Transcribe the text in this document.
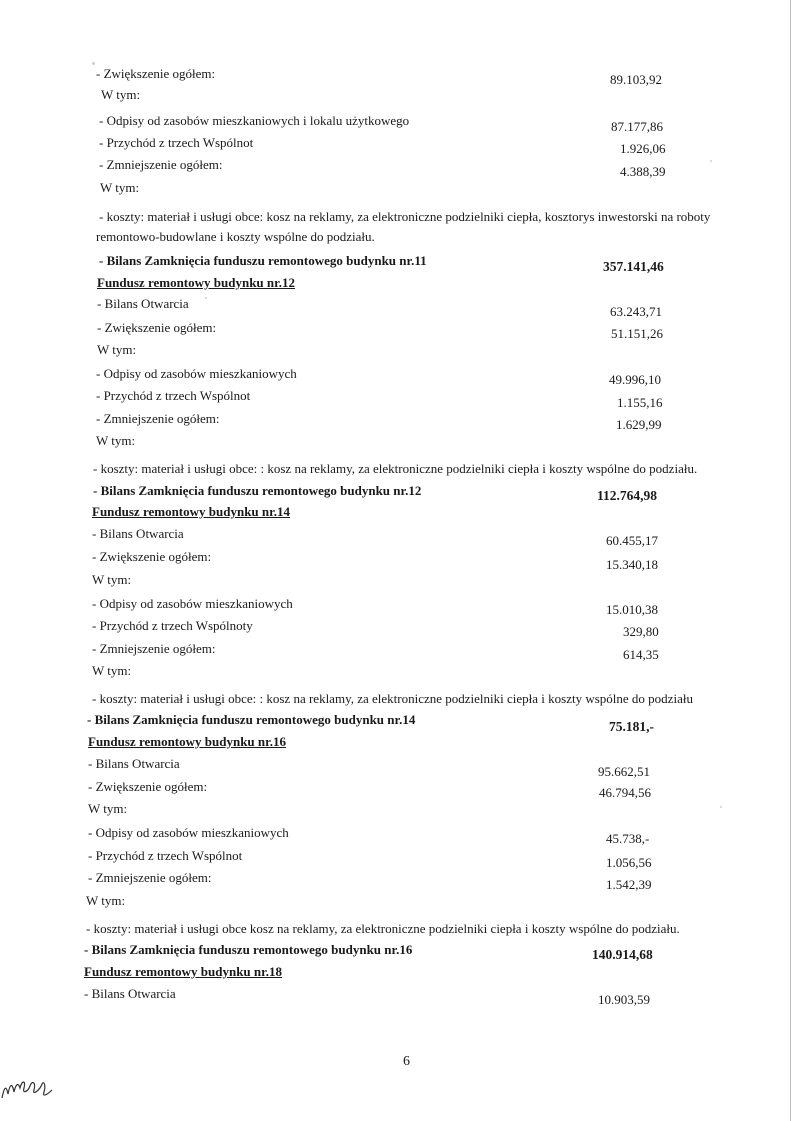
- Zwiększenie ogółem:
W tym:
- Odpisy od zasobów mieszkaniowych i lokalu użytkowego
- Przychód z trzech Wspólnot
- Zmniejszenie ogółem:
W tym:
- koszty: materiał i usługi obce: kosz na reklamy, za elektroniczne podzielniki ciepła, kosztorys inwestorski na roboty
remontowo-budowlane i koszty wspólne do podziału.
- Bilans Zamknięcia funduszu remontowego budynku nr.11
Fundusz remontowy budynku nr.12
- Bilans Otwarcia
- Zwiększenie ogółem:
W tym:
- Odpisy od zasobów mieszkaniowych
- Przychód z trzech Wspólnot
- Zmniejszenie ogółem:
W tym:
- koszty: materiał i usługi obce: : kosz na reklamy, za elektroniczne podzielniki ciepła i koszty wspólne do podziału.
- Bilans Zamknięcia funduszu remontowego budynku nr.12
Fundusz remontowy budynku nr.14
- Bilans Otwarcia
- Zwiększenie ogółem:
W tym:
- Odpisy od zasobów mieszkaniowych
- Przychód z trzech Wspólnoty
- Zmniejszenie ogółem:
W tym:
- koszty: materiał i usługi obce: : kosz na reklamy, za elektroniczne podzielniki ciepła i koszty wspólne do podziału
- Bilans Zamknięcia funduszu remontowego budynku nr.14
Fundusz remontowy budynku nr.16
- Bilans Otwarcia
- Zwiększenie ogółem:
W tym:
- Odpisy od zasobów mieszkaniowych
- Przychód z trzech Wspólnot
- Zmniejszenie ogółem:
W tym:
- koszty: materiał i usługi obce kosz na reklamy, za elektroniczne podzielniki ciepła i koszty wspólne do podziału.
- Bilans Zamknięcia funduszu remontowego budynku nr.16
Fundusz remontowy budynku nr.18
- Bilans Otwarcia
89.103,92
87.177,86
1.926,06
4.388,39
357.141,46
63.243,71
51.151,26
49.996,10
1.155,16
1.629,99
112.764,98
60.455,17
15.340,18
15.010,38
329,80
614,35
75.181,-
95.662,51
46.794,56
45.738,-
1.056,56
1.542,39
140.914,68
10.903,59
6
